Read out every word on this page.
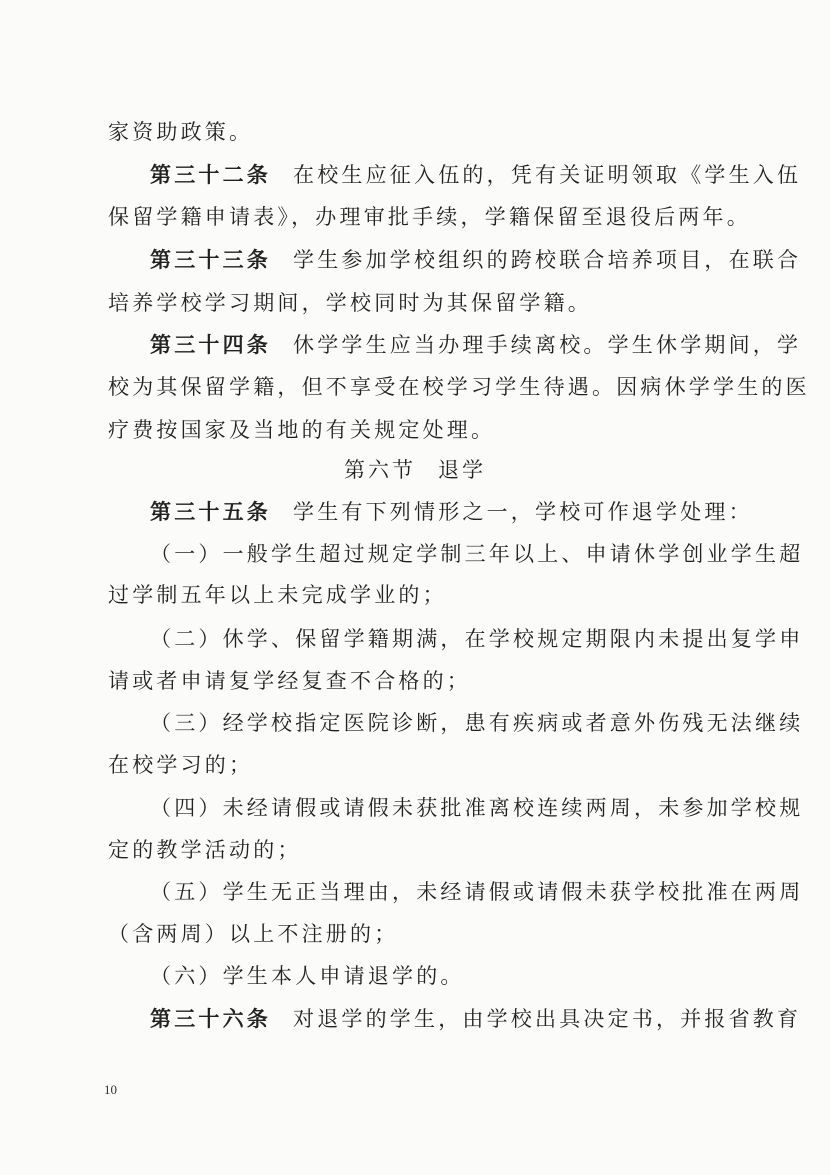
家资助政策。
第三十二条 在校生应征入伍的，凭有关证明领取《学生入伍
保留学籍申请表》，办理审批手续，学籍保留至退役后两年。
第三十三条 学生参加学校组织的跨校联合培养项目，在联合
培养学校学习期间，学校同时为其保留学籍。
第三十四条 休学学生应当办理手续离校。学生休学期间，学
校为其保留学籍，但不享受在校学习学生待遇。因病休学学生的医
疗费按国家及当地的有关规定处理。
第六节 退学
第三十五条 学生有下列情形之一，学校可作退学处理：
（一）一般学生超过规定学制三年以上、申请休学创业学生超
过学制五年以上未完成学业的；
（二）休学、保留学籍期满，在学校规定期限内未提出复学申
请或者申请复学经复查不合格的；
（三）经学校指定医院诊断，患有疾病或者意外伤残无法继续
在校学习的；
（四）未经请假或请假未获批准离校连续两周，未参加学校规
定的教学活动的；
（五）学生无正当理由，未经请假或请假未获学校批准在两周
（含两周）以上不注册的；
（六）学生本人申请退学的。
第三十六条 对退学的学生，由学校出具决定书，并报省教育
10
